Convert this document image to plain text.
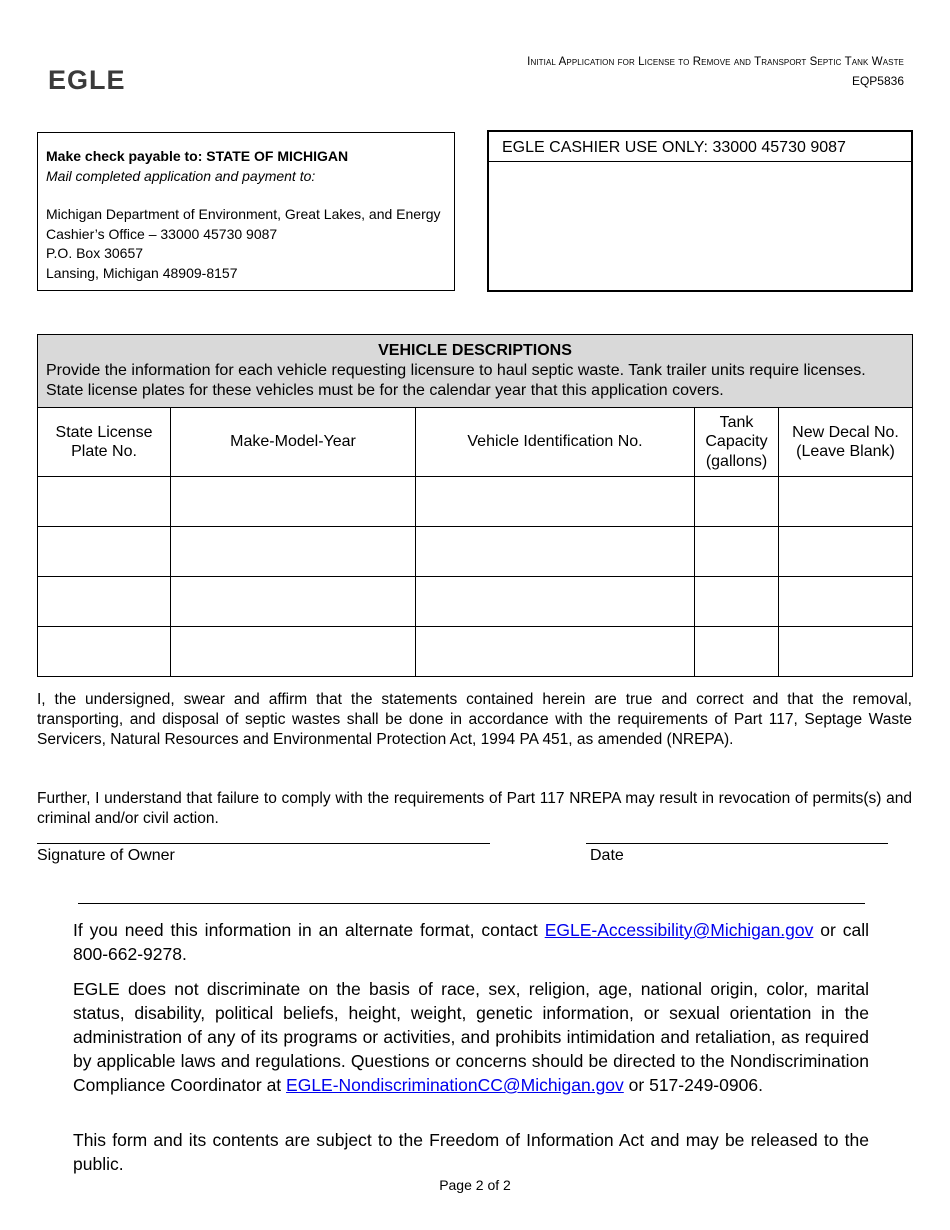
EGLE
Initial Application for License to Remove and Transport Septic Tank Waste
EQP5836
Make check payable to: STATE OF MICHIGAN
Mail completed application and payment to:
Michigan Department of Environment, Great Lakes, and Energy
Cashier’s Office – 33000 45730 9087
P.O. Box 30657
Lansing, Michigan 48909-8157
EGLE CASHIER USE ONLY: 33000 45730 9087
VEHICLE DESCRIPTIONS
Provide the information for each vehicle requesting licensure to haul septic waste. Tank trailer units require licenses. State license plates for these vehicles must be for the calendar year that this application covers.				
State License Plate No.	Make-Model-Year	Vehicle Identification No.	Tank Capacity (gallons)	New Decal No. (Leave Blank)

I, the undersigned, swear and affirm that the statements contained herein are true and correct and that the removal, transporting, and disposal of septic wastes shall be done in accordance with the requirements of Part 117, Septage Waste Servicers, Natural Resources and Environmental Protection Act, 1994 PA 451, as amended (NREPA).
Further, I understand that failure to comply with the requirements of Part 117 NREPA may result in revocation of permits(s) and criminal and/or civil action.
Signature of Owner	Date
If you need this information in an alternate format, contact EGLE-Accessibility@Michigan.gov or call 800-662-9278.
EGLE does not discriminate on the basis of race, sex, religion, age, national origin, color, marital status, disability, political beliefs, height, weight, genetic information, or sexual orientation in the administration of any of its programs or activities, and prohibits intimidation and retaliation, as required by applicable laws and regulations. Questions or concerns should be directed to the Nondiscrimination Compliance Coordinator at EGLE-NondiscriminationCC@Michigan.gov or 517-249-0906.
This form and its contents are subject to the Freedom of Information Act and may be released to the public.
Page 2 of 2
